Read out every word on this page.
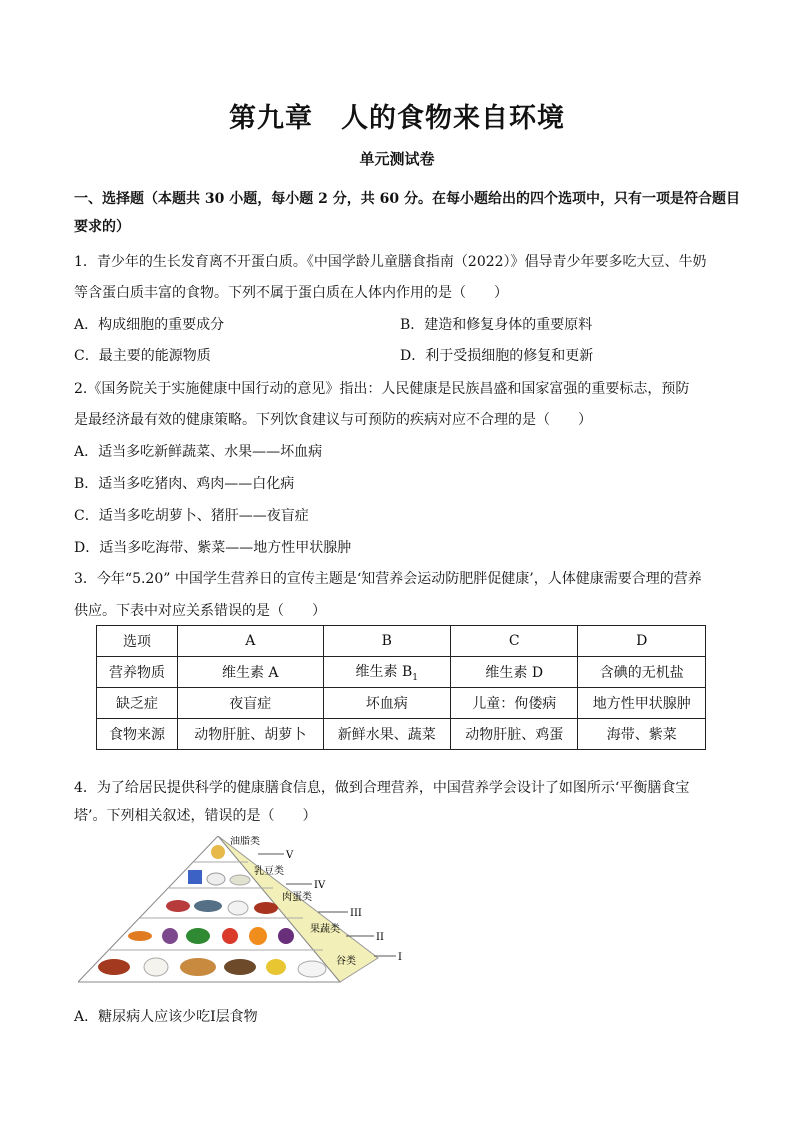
第九章　人的食物来自环境
单元测试卷
一、选择题（本题共 30 小题，每小题 2 分，共 60 分。在每小题给出的四个选项中，只有一项是符合题目
要求的）
1．青少年的生长发育离不开蛋白质。《中国学龄儿童膳食指南（2022）》倡导青少年要多吃大豆、牛奶
等含蛋白质丰富的食物。下列不属于蛋白质在人体内作用的是（　　）
A．构成细胞的重要成分	B．建造和修复身体的重要原料
C．最主要的能源物质	D．利于受损细胞的修复和更新
2.《国务院关于实施健康中国行动的意见》指出：人民健康是民族昌盛和国家富强的重要标志，预防
是最经济最有效的健康策略。下列饮食建议与可预防的疾病对应不合理的是（　　）
A．适当多吃新鲜蔬菜、水果——坏血病
B．适当多吃猪肉、鸡肉——白化病
C．适当多吃胡萝卜、猪肝——夜盲症
D．适当多吃海带、紫菜——地方性甲状腺肿
3．今年“5.20” 中国学生营养日的宣传主题是‘知营养会运动防肥胖促健康’，人体健康需要合理的营养
供应。下表中对应关系错误的是（　　）
选项	A	B	C	D
营养物质	维生素 A	维生素 $B_1$	维生素 D	含碘的无机盐
缺乏症	夜盲症	坏血病	儿童：佝偻病	地方性甲状腺肿
食物来源	动物肝脏、胡萝卜	新鲜水果、蔬菜	动物肝脏、鸡蛋	海带、紫菜
4．为了给居民提供科学的健康膳食信息，做到合理营养，中国营养学会设计了如图所示‘平衡膳食宝
塔’。下列相关叙述，错误的是（　　）
油脂类
乳豆类
肉蛋类
果蔬类
谷类
V
IV
III
II
I
A．糖尿病人应该少吃Ⅰ层食物
